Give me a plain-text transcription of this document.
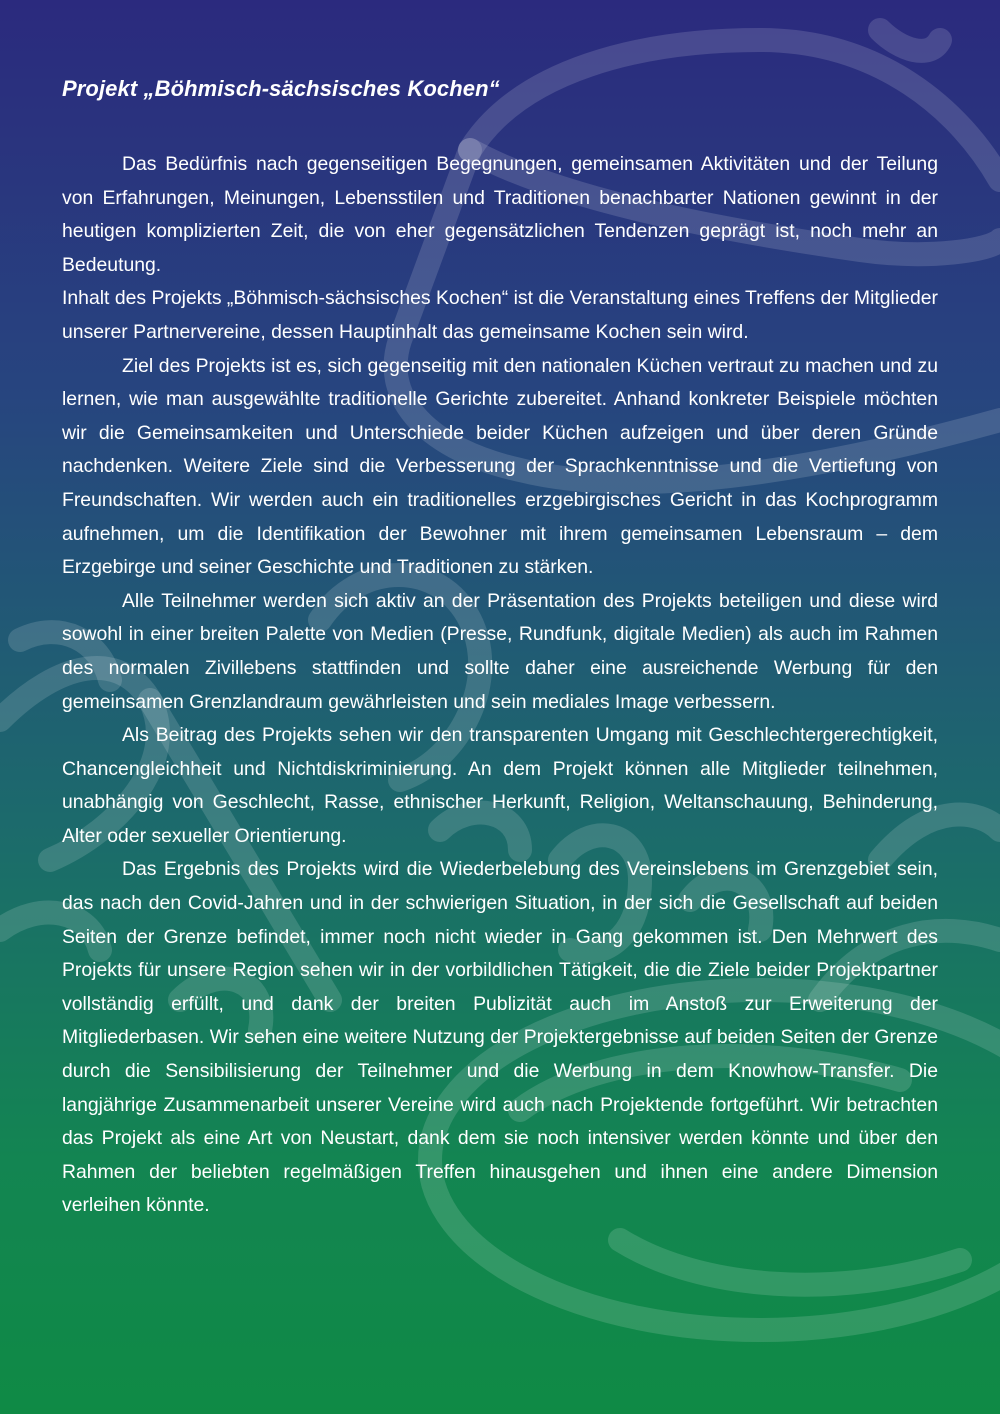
Projekt „Böhmisch-sächsisches Kochen“

Das Bedürfnis nach gegenseitigen Begegnungen, gemeinsamen Aktivitäten und der Teilung von Erfahrungen, Meinungen, Lebensstilen und Traditionen benachbarter Nationen gewinnt in der heutigen komplizierten Zeit, die von eher gegensätzlichen Tendenzen geprägt ist, noch mehr an Bedeutung.

Inhalt des Projekts „Böhmisch-sächsisches Kochen“ ist die Veranstaltung eines Treffens der Mitglieder unserer Partnervereine, dessen Hauptinhalt das gemeinsame Kochen sein wird.

Ziel des Projekts ist es, sich gegenseitig mit den nationalen Küchen vertraut zu machen und zu lernen, wie man ausgewählte traditionelle Gerichte zubereitet. Anhand konkreter Beispiele möchten wir die Gemeinsamkeiten und Unterschiede beider Küchen aufzeigen und über deren Gründe nachdenken. Weitere Ziele sind die Verbesserung der Sprachkenntnisse und die Vertiefung von Freundschaften. Wir werden auch ein traditionelles erzgebirgisches Gericht in das Kochprogramm aufnehmen, um die Identifikation der Bewohner mit ihrem gemeinsamen Lebensraum – dem Erzgebirge und seiner Geschichte und Traditionen zu stärken.

Alle Teilnehmer werden sich aktiv an der Präsentation des Projekts beteiligen und diese wird sowohl in einer breiten Palette von Medien (Presse, Rundfunk, digitale Medien) als auch im Rahmen des normalen Zivillebens stattfinden und sollte daher eine ausreichende Werbung für den gemeinsamen Grenzlandraum gewährleisten und sein mediales Image verbessern.

Als Beitrag des Projekts sehen wir den transparenten Umgang mit Geschlechtergerechtigkeit, Chancengleichheit und Nichtdiskriminierung. An dem Projekt können alle Mitglieder teilnehmen, unabhängig von Geschlecht, Rasse, ethnischer Herkunft, Religion, Weltanschauung, Behinderung, Alter oder sexueller Orientierung.

Das Ergebnis des Projekts wird die Wiederbelebung des Vereinslebens im Grenzgebiet sein, das nach den Covid-Jahren und in der schwierigen Situation, in der sich die Gesellschaft auf beiden Seiten der Grenze befindet, immer noch nicht wieder in Gang gekommen ist. Den Mehrwert des Projekts für unsere Region sehen wir in der vorbildlichen Tätigkeit, die die Ziele beider Projektpartner vollständig erfüllt, und dank der breiten Publizität auch im Anstoß zur Erweiterung der Mitgliederbasen. Wir sehen eine weitere Nutzung der Projektergebnisse auf beiden Seiten der Grenze durch die Sensibilisierung der Teilnehmer und die Werbung in dem Knowhow-Transfer. Die langjährige Zusammenarbeit unserer Vereine wird auch nach Projektende fortgeführt. Wir betrachten das Projekt als eine Art von Neustart, dank dem sie noch intensiver werden könnte und über den Rahmen der beliebten regelmäßigen Treffen hinausgehen und ihnen eine andere Dimension verleihen könnte.
